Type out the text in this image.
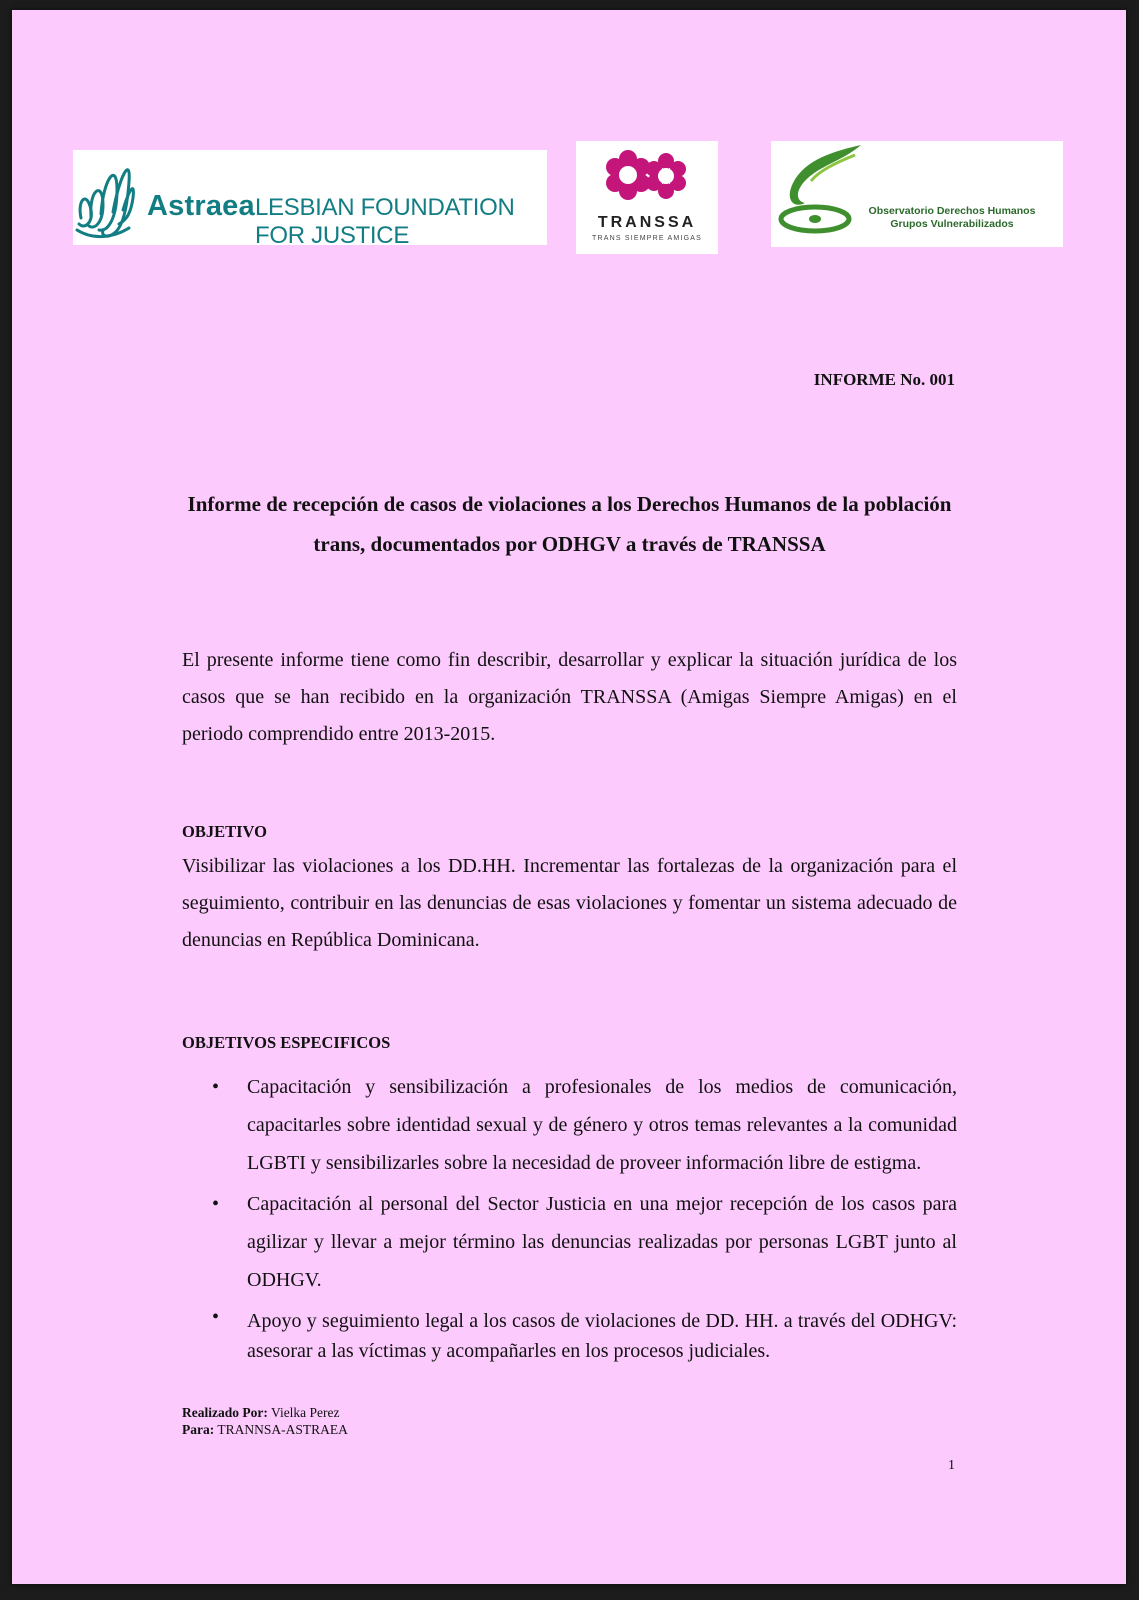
Astraea LESBIAN FOUNDATION FOR JUSTICE	TRANSSA
TRANS SIEMPRE AMIGAS
Observatorio Derechos Humanos
Grupos Vulnerabilizados
INFORME No. 001
Informe de recepción de casos de violaciones a los Derechos Humanos de la población trans, documentados por ODHGV a través de TRANSSA
El presente informe tiene como fin describir, desarrollar y explicar la situación jurídica de los casos que se han recibido en la organización TRANSSA (Amigas Siempre Amigas) en el periodo comprendido entre 2013-2015.
OBJETIVO
Visibilizar las violaciones a los DD.HH. Incrementar las fortalezas de la organización para el seguimiento, contribuir en las denuncias de esas violaciones y fomentar un sistema adecuado de denuncias en República Dominicana.
OBJETIVOS ESPECIFICOS
• Capacitación y sensibilización a profesionales de los medios de comunicación, capacitarles sobre identidad sexual y de género y otros temas relevantes a la comunidad LGBTI y sensibilizarles sobre la necesidad de proveer información libre de estigma.
• Capacitación al personal del Sector Justicia en una mejor recepción de los casos para agilizar y llevar a mejor término las denuncias realizadas por personas LGBT junto al ODHGV.
• Apoyo y seguimiento legal a los casos de violaciones de DD. HH. a través del ODHGV: asesorar a las víctimas y acompañarles en los procesos judiciales.
Realizado Por: Vielka Perez
Para: TRANNSA-ASTRAEA
1
